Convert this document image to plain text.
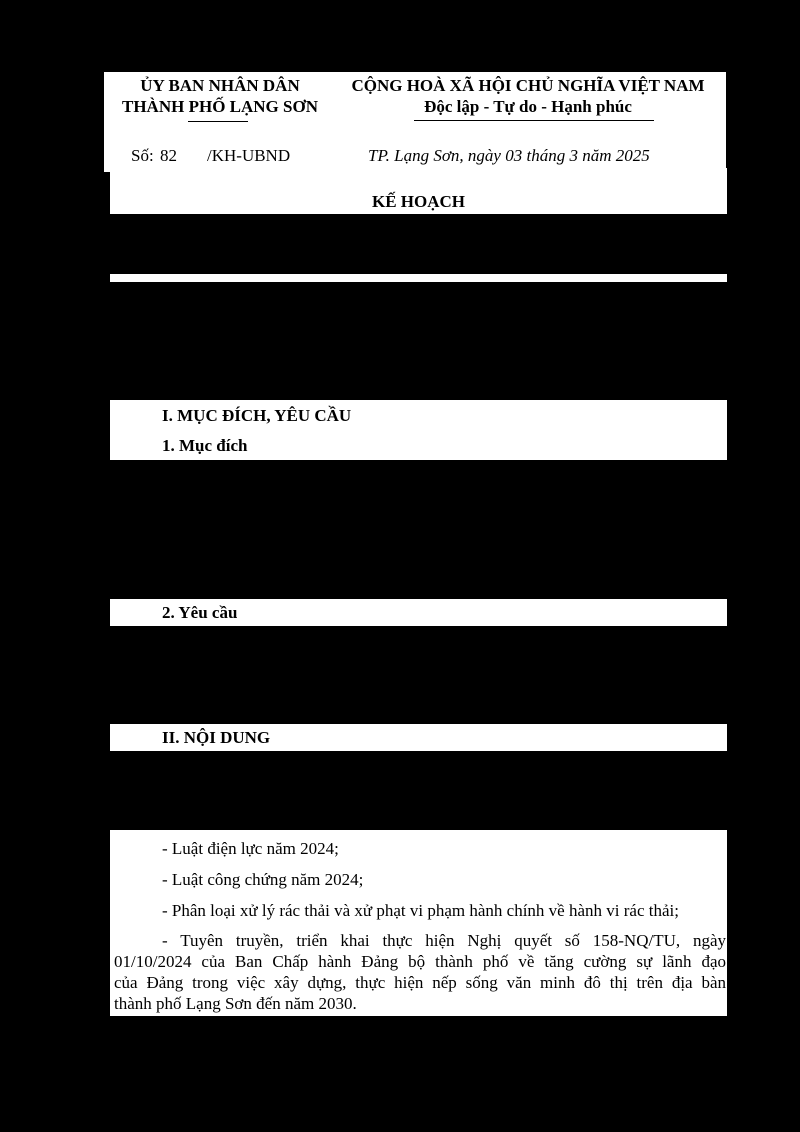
ỦY BAN NHÂN DÂN
THÀNH PHỐ LẠNG SƠN
CỘNG HOÀ XÃ HỘI CHỦ NGHĨA VIỆT NAM
Độc lập - Tự do - Hạnh phúc
Số: 82 /KH-UBND	TP. Lạng Sơn, ngày 03 tháng 3 năm 2025
KẾ HOẠCH
I. MỤC ĐÍCH, YÊU CẦU
1. Mục đích
2. Yêu cầu
II. NỘI DUNG
- Luật điện lực năm 2024;
- Luật công chứng năm 2024;
- Phân loại xử lý rác thải và xử phạt vi phạm hành chính về hành vi rác thải;
- Tuyên truyền, triển khai thực hiện Nghị quyết số 158-NQ/TU, ngày
01/10/2024 của Ban Chấp hành Đảng bộ thành phố về tăng cường sự lãnh đạo
của Đảng trong việc xây dựng, thực hiện nếp sống văn minh đô thị trên địa bàn
thành phố Lạng Sơn đến năm 2030.
